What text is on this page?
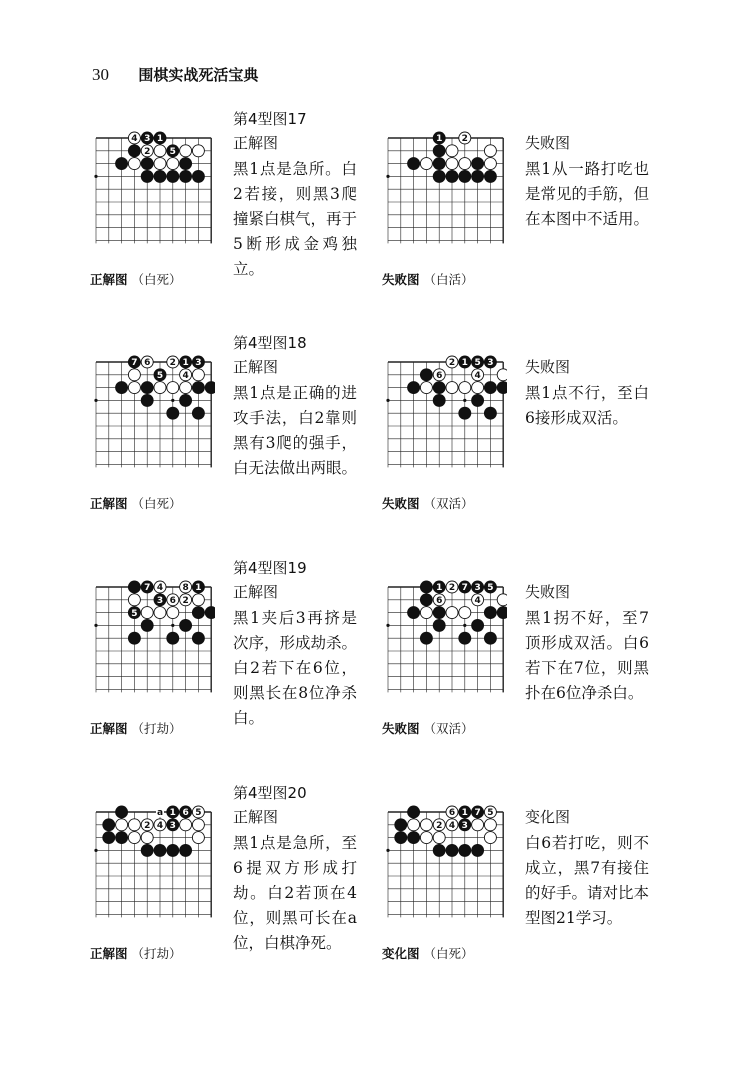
30 围棋实战死活宝典
第4型图17
4 3 1
2 5
正解图 （白死）
正解图
黑1点是急所。白2若接，则黑3爬撞紧白棋气，再于5断形成金鸡独立。
1 2
失败图 （白活）
失败图
黑1从一路打吃也是常见的手筋，但在本图中不适用。
第4型图18
7 6 2 1 3
5 4
正解图 （白死）
正解图
黑1点是正确的进攻手法，白2靠则黑有3爬的强手，白无法做出两眼。
2 1 5 3
6	4
失败图 （双活）
失败图
黑1点不行，至白6接形成双活。
第4型图19
7 4 8 1
3 6 2
5
正解图 （打劫）
正解图
黑1夹后3再挤是次序，形成劫杀。白2若下在6位，则黑长在8位净杀白。
1 2 7 3 5
6	4
失败图 （双活）
失败图
黑1拐不好，至7顶形成双活。白6若下在7位，则黑扑在6位净杀白。
第4型图20
a 1 6 5
2 4 3
正解图 （打劫）
正解图
黑1点是急所，至6提双方形成打劫。白2若顶在4位，则黑可长在a位，白棋净死。
6 1 7 5
2 4 3
变化图 （白死）
变化图
白6若打吃，则不成立，黑7有接住的好手。请对比本型图21学习。
